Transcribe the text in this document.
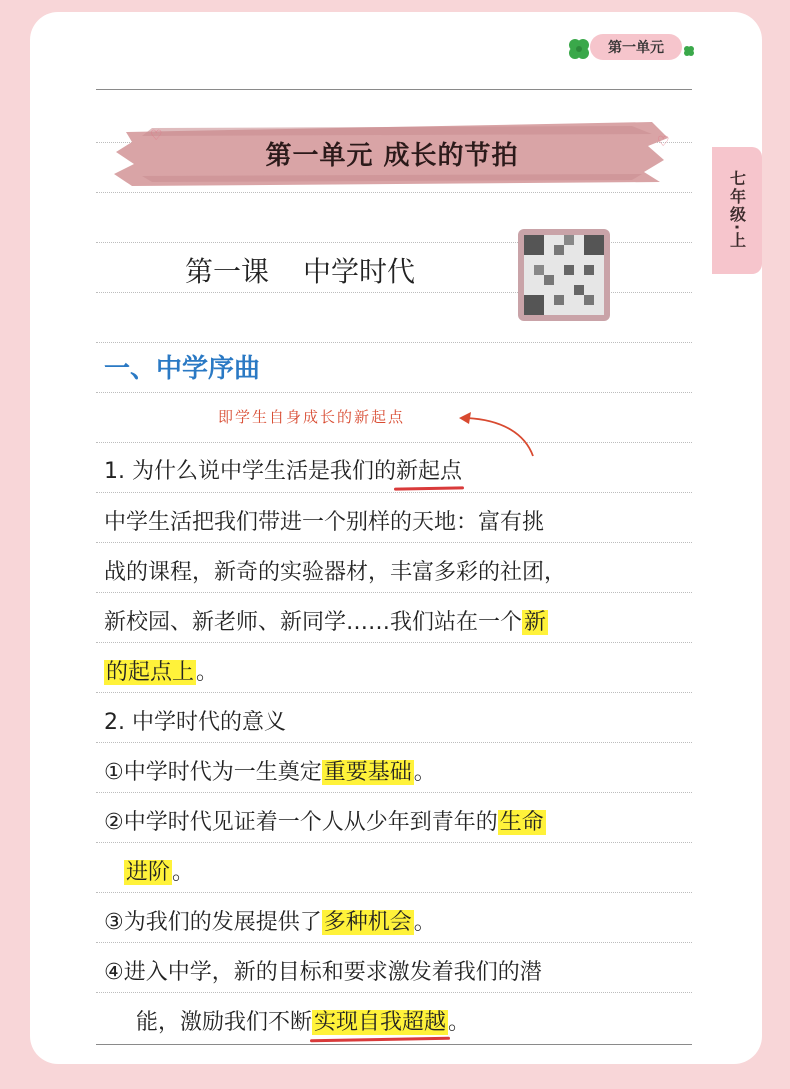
七年级·上
第一单元
第一单元 成长的节拍
♡	♡
第一课 中学时代
一、中学序曲
即学生自身成长的新起点
1. 为什么说中学生活是我们的新起点
中学生活把我们带进一个别样的天地：富有挑
战的课程，新奇的实验器材，丰富多彩的社团，
新校园、新老师、新同学……我们站在一个新
的起点上。
2. 中学时代的意义
①中学时代为一生奠定重要基础。
②中学时代见证着一个人从少年到青年的生命
进阶。
③为我们的发展提供了多种机会。
④进入中学，新的目标和要求激发着我们的潜
能，激励我们不断实现自我超越。
